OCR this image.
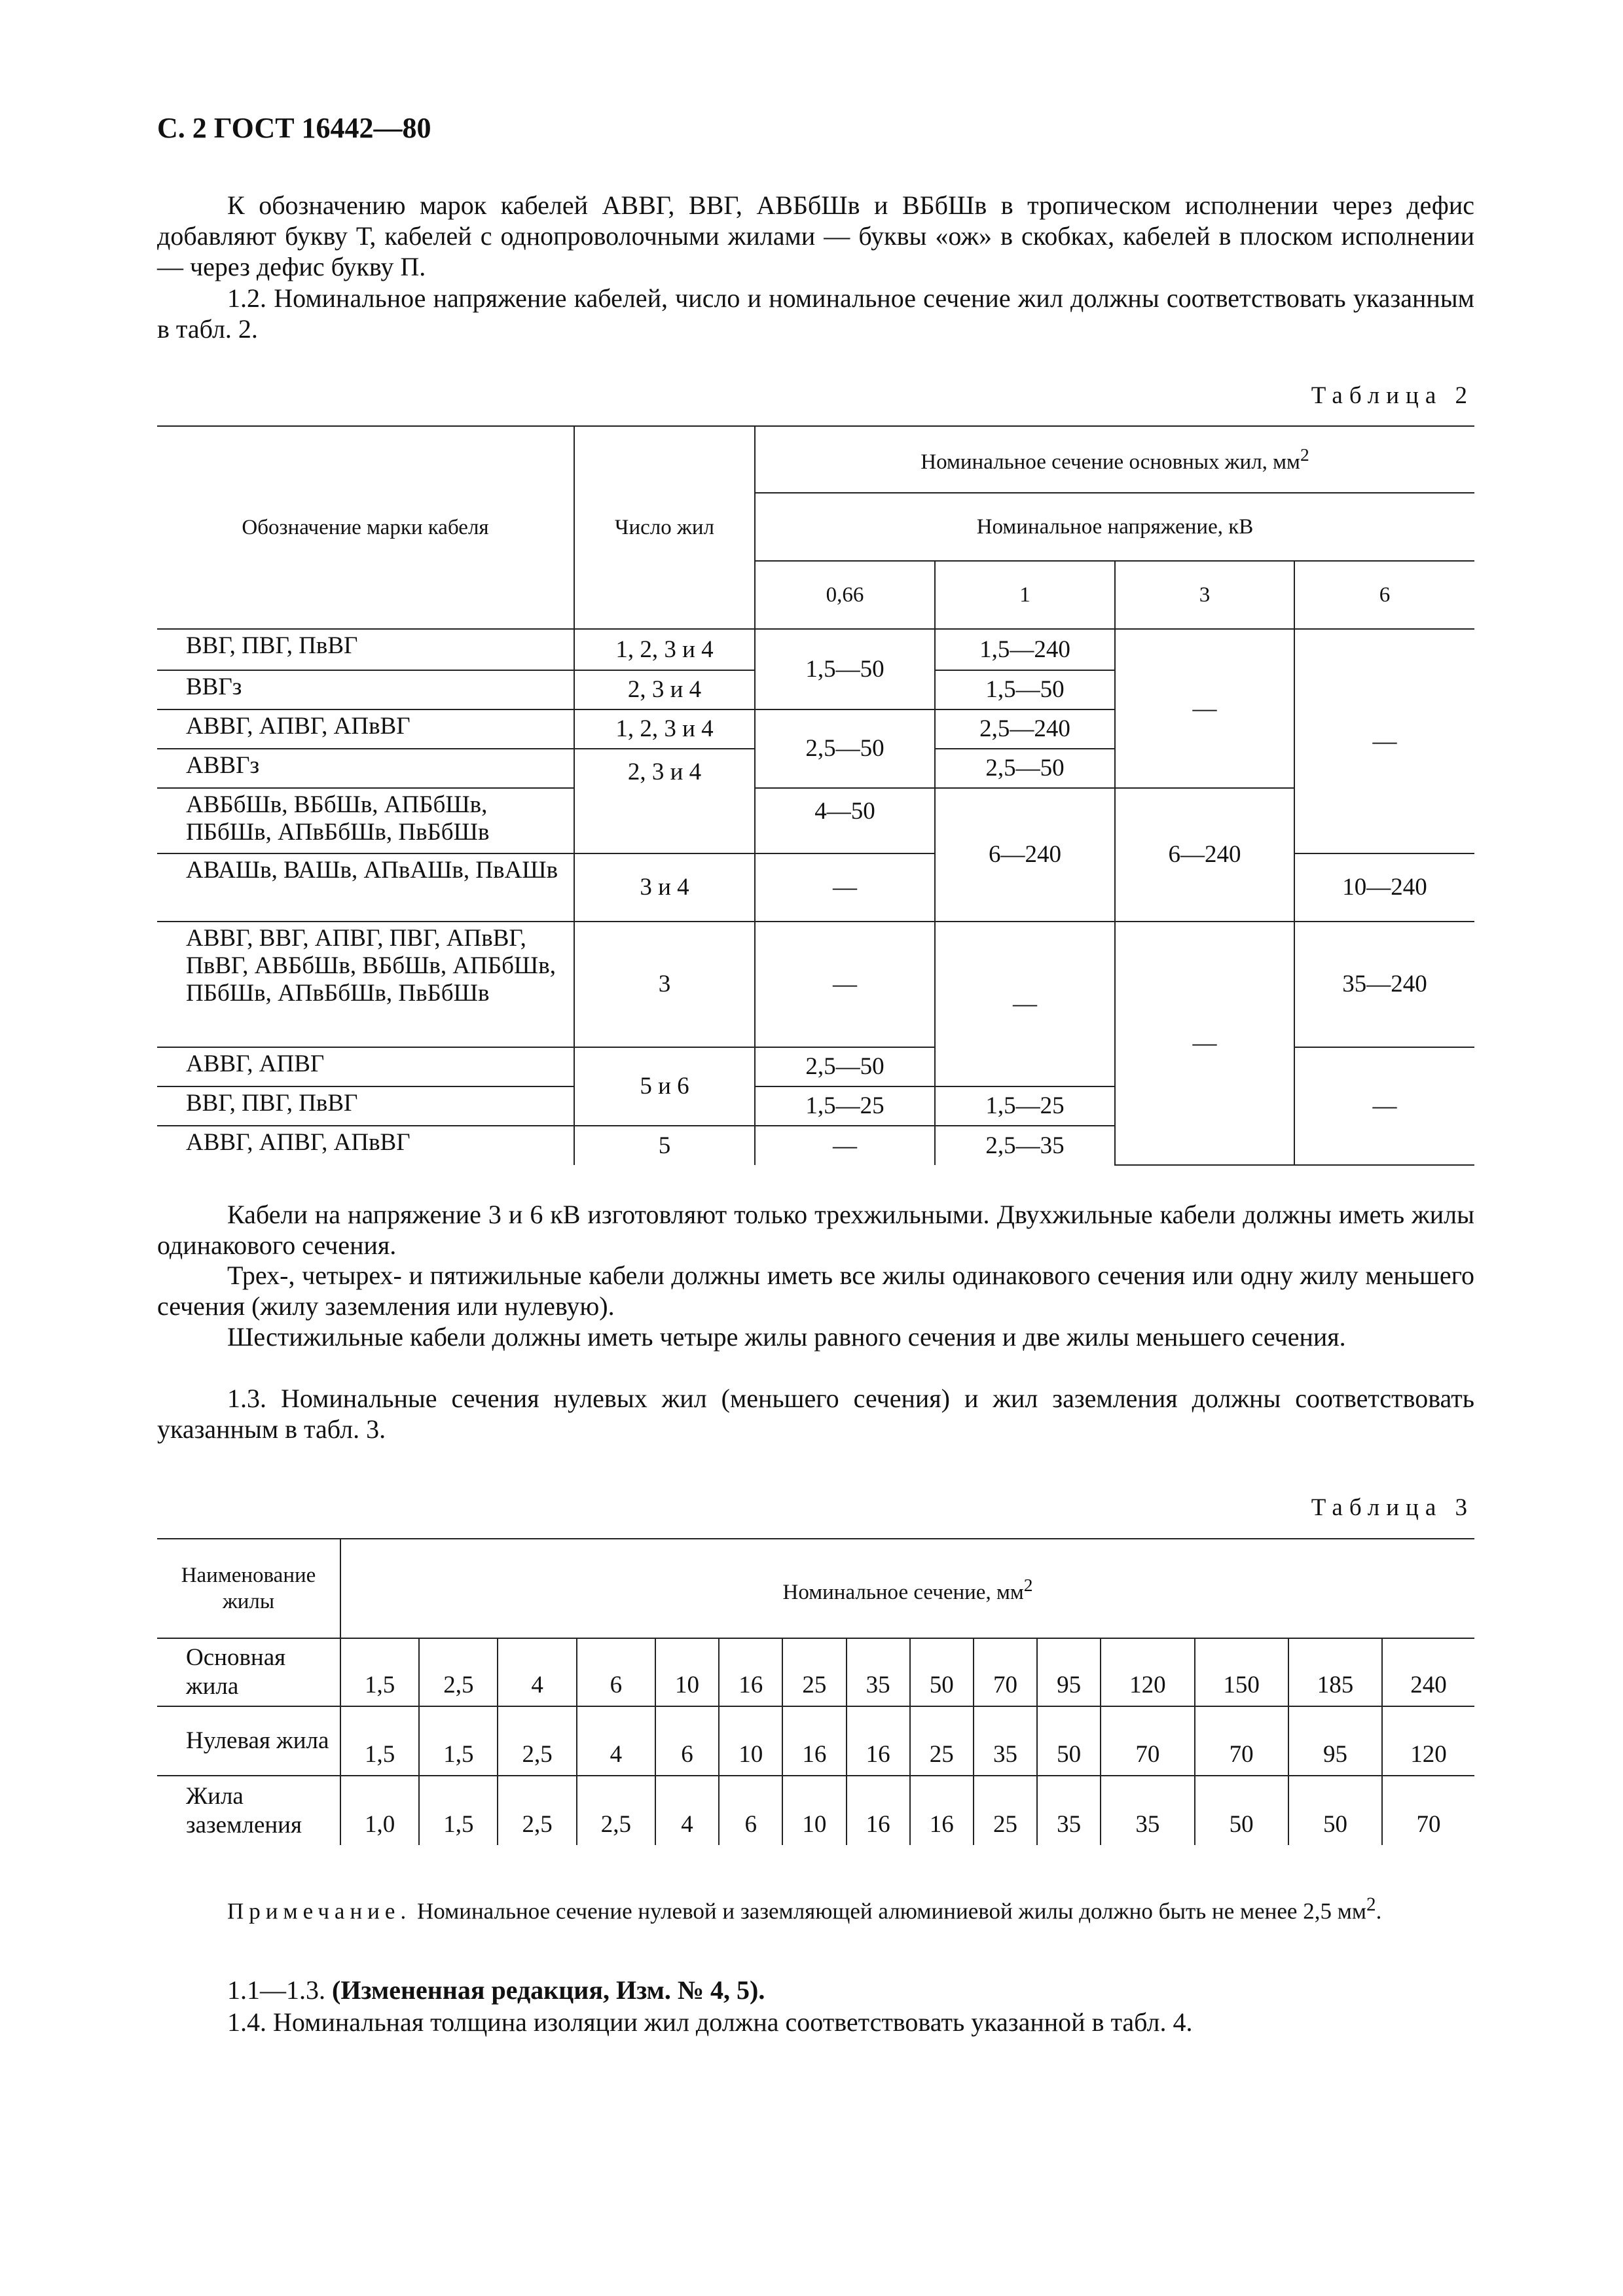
С. 2 ГОСТ 16442—80
К обозначению марок кабелей АВВГ, ВВГ, АВБбШв и ВБбШв в тропическом исполнении через дефис добавляют букву Т, кабелей с однопроволочными жилами — буквы «ож» в скобках, кабелей в плоском исполнении — через дефис букву П.
1.2. Номинальное напряжение кабелей, число и номинальное сечение жил должны соответствовать указанным в табл. 2.
Таблица 2
Обозначение марки кабеля	Число жил	Номинальное сечение основных жил, $мм^2$
		Номинальное напряжение, кВ			
		0,66	1	3	6
ВВГ, ПВГ, ПвВГ	1, 2, 3 и 4	1,5—50	1,5—240	—	—
ВВГз	2, 3 и 4		1,5—50		
АВВГ, АПВГ, АПвВГ	1, 2, 3 и 4	2,5—50	2,5—240		
АВВГз	2, 3 и 4		2,5—50		
АВБбШв, ВБбШв, АПБбШв, ПБбШв, АПвБбШв, ПвБбШв		4—50	6—240	6—240	
АВАШв, ВАШв, АПвАШв, ПвАШв	3 и 4	—			10—240
АВВГ, ВВГ, АПВГ, ПВГ, АПвВГ, ПвВГ, АВБбШв, ВБбШв, АПБбШв, ПБбШв, АПвБбШв, ПвБбШв	3	—	—	—	35—240
АВВГ, АПВГ	5 и 6	2,5—50			—
ВВГ, ПВГ, ПвВГ		1,5—25	1,5—25		
АВВГ, АПВГ, АПвВГ	5	—	2,5—35		
Кабели на напряжение 3 и 6 кВ изготовляют только трехжильными. Двухжильные кабели должны иметь жилы одинакового сечения.
Трех-, четырех- и пятижильные кабели должны иметь все жилы одинакового сечения или одну жилу меньшего сечения (жилу заземления или нулевую).
Шестижильные кабели должны иметь четыре жилы равного сечения и две жилы меньшего сечения.
1.3. Номинальные сечения нулевых жил (меньшего сечения) и жил заземления должны соответствовать указанным в табл. 3.
Таблица 3
Наименование жилы	Номинальное сечение, $мм^2$
Основная жила	1,5	2,5	4	6	10	16	25	35	50	70	95	120	150	185	240
Нулевая жила	1,5	1,5	2,5	4	6	10	16	16	25	35	50	70	70	95	120
Жила заземления	1,0	1,5	2,5	2,5	4	6	10	16	16	25	35	35	50	50	70
Примечание. Номинальное сечение нулевой и заземляющей алюминиевой жилы должно быть не менее 2,5 $мм^2$.
1.1—1.3. (Измененная редакция, Изм. № 4, 5).
1.4. Номинальная толщина изоляции жил должна соответствовать указанной в табл. 4.
